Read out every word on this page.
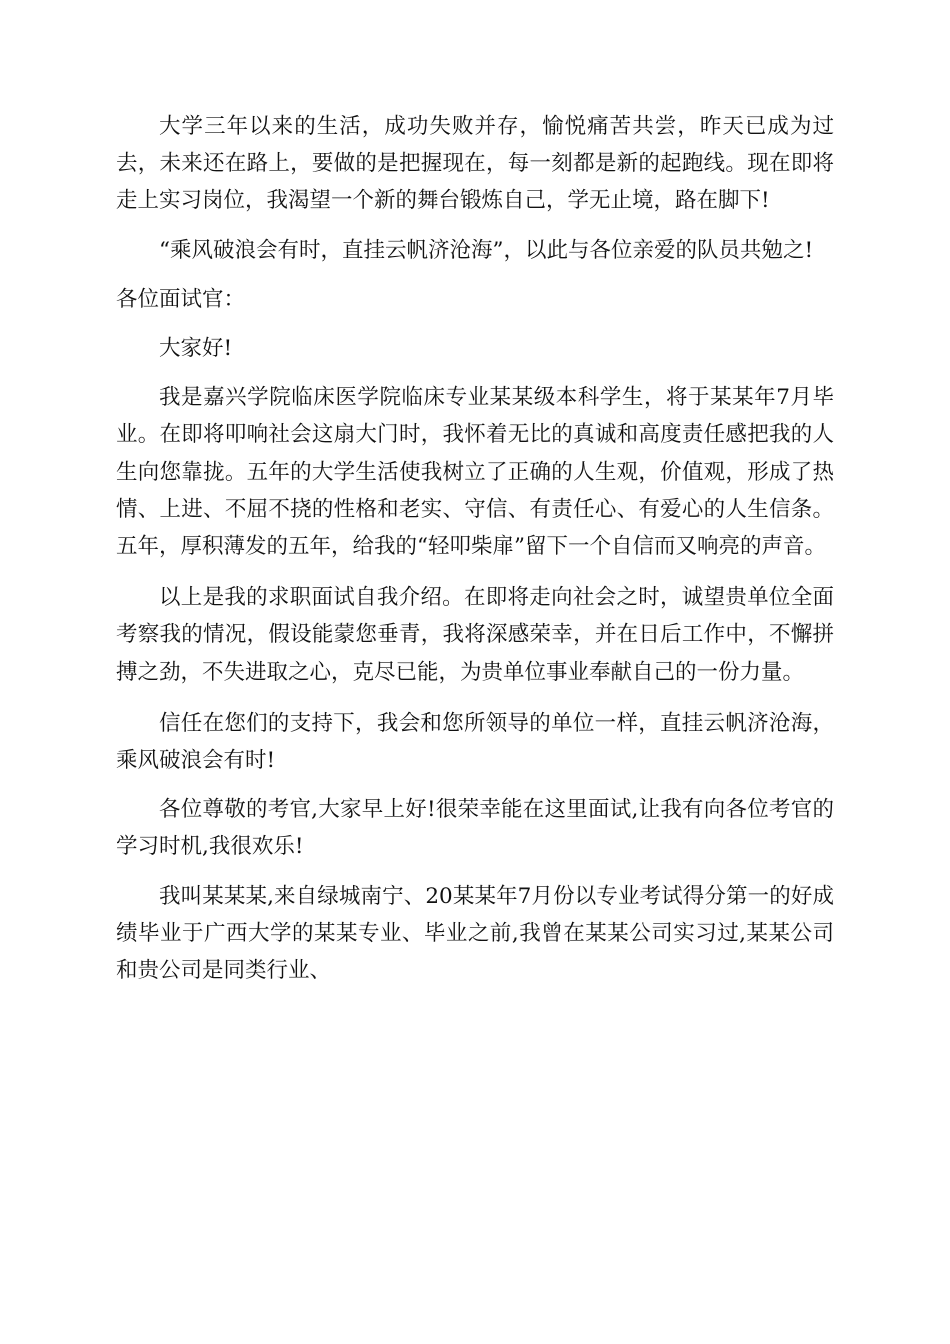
大学三年以来的生活，成功失败并存，愉悦痛苦共尝，昨天已成为过去，未来还在路上，要做的是把握现在，每一刻都是新的起跑线。现在即将走上实习岗位，我渴望一个新的舞台锻炼自己，学无止境，路在脚下!

“乘风破浪会有时，直挂云帆济沧海”，以此与各位亲爱的队员共勉之!

各位面试官：

大家好!

我是嘉兴学院临床医学院临床专业某某级本科学生，将于某某年7月毕业。在即将叩响社会这扇大门时，我怀着无比的真诚和高度责任感把我的人生向您靠拢。五年的大学生活使我树立了正确的人生观，价值观，形成了热情、上进、不屈不挠的性格和老实、守信、有责任心、有爱心的人生信条。五年，厚积薄发的五年，给我的“轻叩柴扉”留下一个自信而又响亮的声音。

以上是我的求职面试自我介绍。在即将走向社会之时，诚望贵单位全面考察我的情况，假设能蒙您垂青，我将深感荣幸，并在日后工作中，不懈拼搏之劲，不失进取之心，克尽已能，为贵单位事业奉献自己的一份力量。

信任在您们的支持下，我会和您所领导的单位一样，直挂云帆济沧海，乘风破浪会有时!

各位尊敬的考官,大家早上好!很荣幸能在这里面试,让我有向各位考官的学习时机,我很欢乐!

我叫某某某,来自绿城南宁、20某某年7月份以专业考试得分第一的好成绩毕业于广西大学的某某专业、毕业之前,我曾在某某公司实习过,某某公司和贵公司是同类行业、
